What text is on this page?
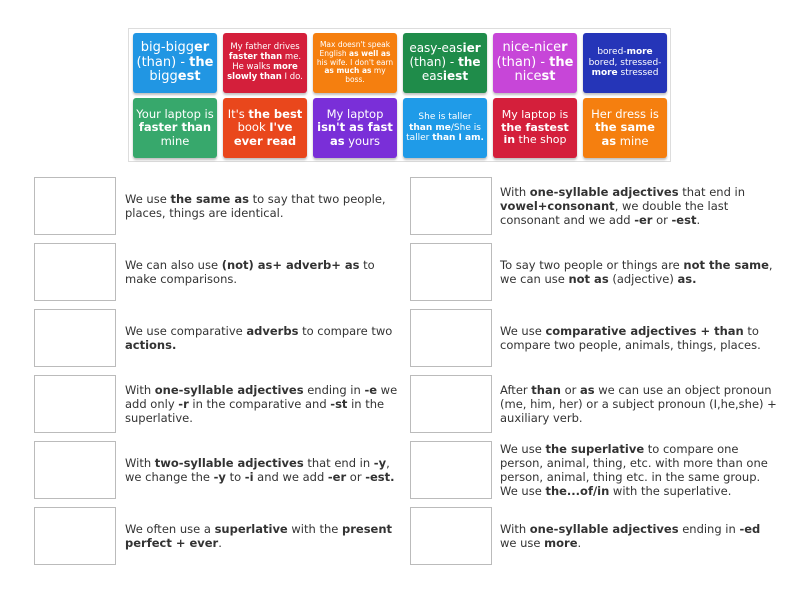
big-bigger (than) - the biggest
My father drives faster than me. He walks more slowly than I do.
Max doesn't speak English as well as his wife. I don't earn as much as my boss.
easy-easier (than) - the easiest
nice-nicer (than) - the nicest
bored-more bored, stressed-more stressed
Your laptop is faster than mine
It's the best book I've ever read
My laptop isn't as fast as yours
She is taller than me/She is taller than I am.
My laptop is the fastest in the shop
Her dress is the same as mine
We use the same as to say that two people, places, things are identical.
We can also use (not) as+ adverb+ as to make comparisons.
We use comparative adverbs to compare two actions.
With one-syllable adjectives ending in -e we add only -r in the comparative and -st in the superlative.
With two-syllable adjectives that end in -y, we change the -y to -i and we add -er or -est.
We often use a superlative with the present perfect + ever.
With one-syllable adjectives that end in vowel+consonant, we double the last consonant and we add -er or -est.
To say two people or things are not the same, we can use not as (adjective) as.
We use comparative adjectives + than to compare two people, animals, things, places.
After than or as we can use an object pronoun (me, him, her) or a subject pronoun (I,he,she) + auxiliary verb.
We use the superlative to compare one person, animal, thing, etc. with more than one person, animal, thing etc. in the same group. We use the...of/in with the superlative.
With one-syllable adjectives ending in -ed we use more.
